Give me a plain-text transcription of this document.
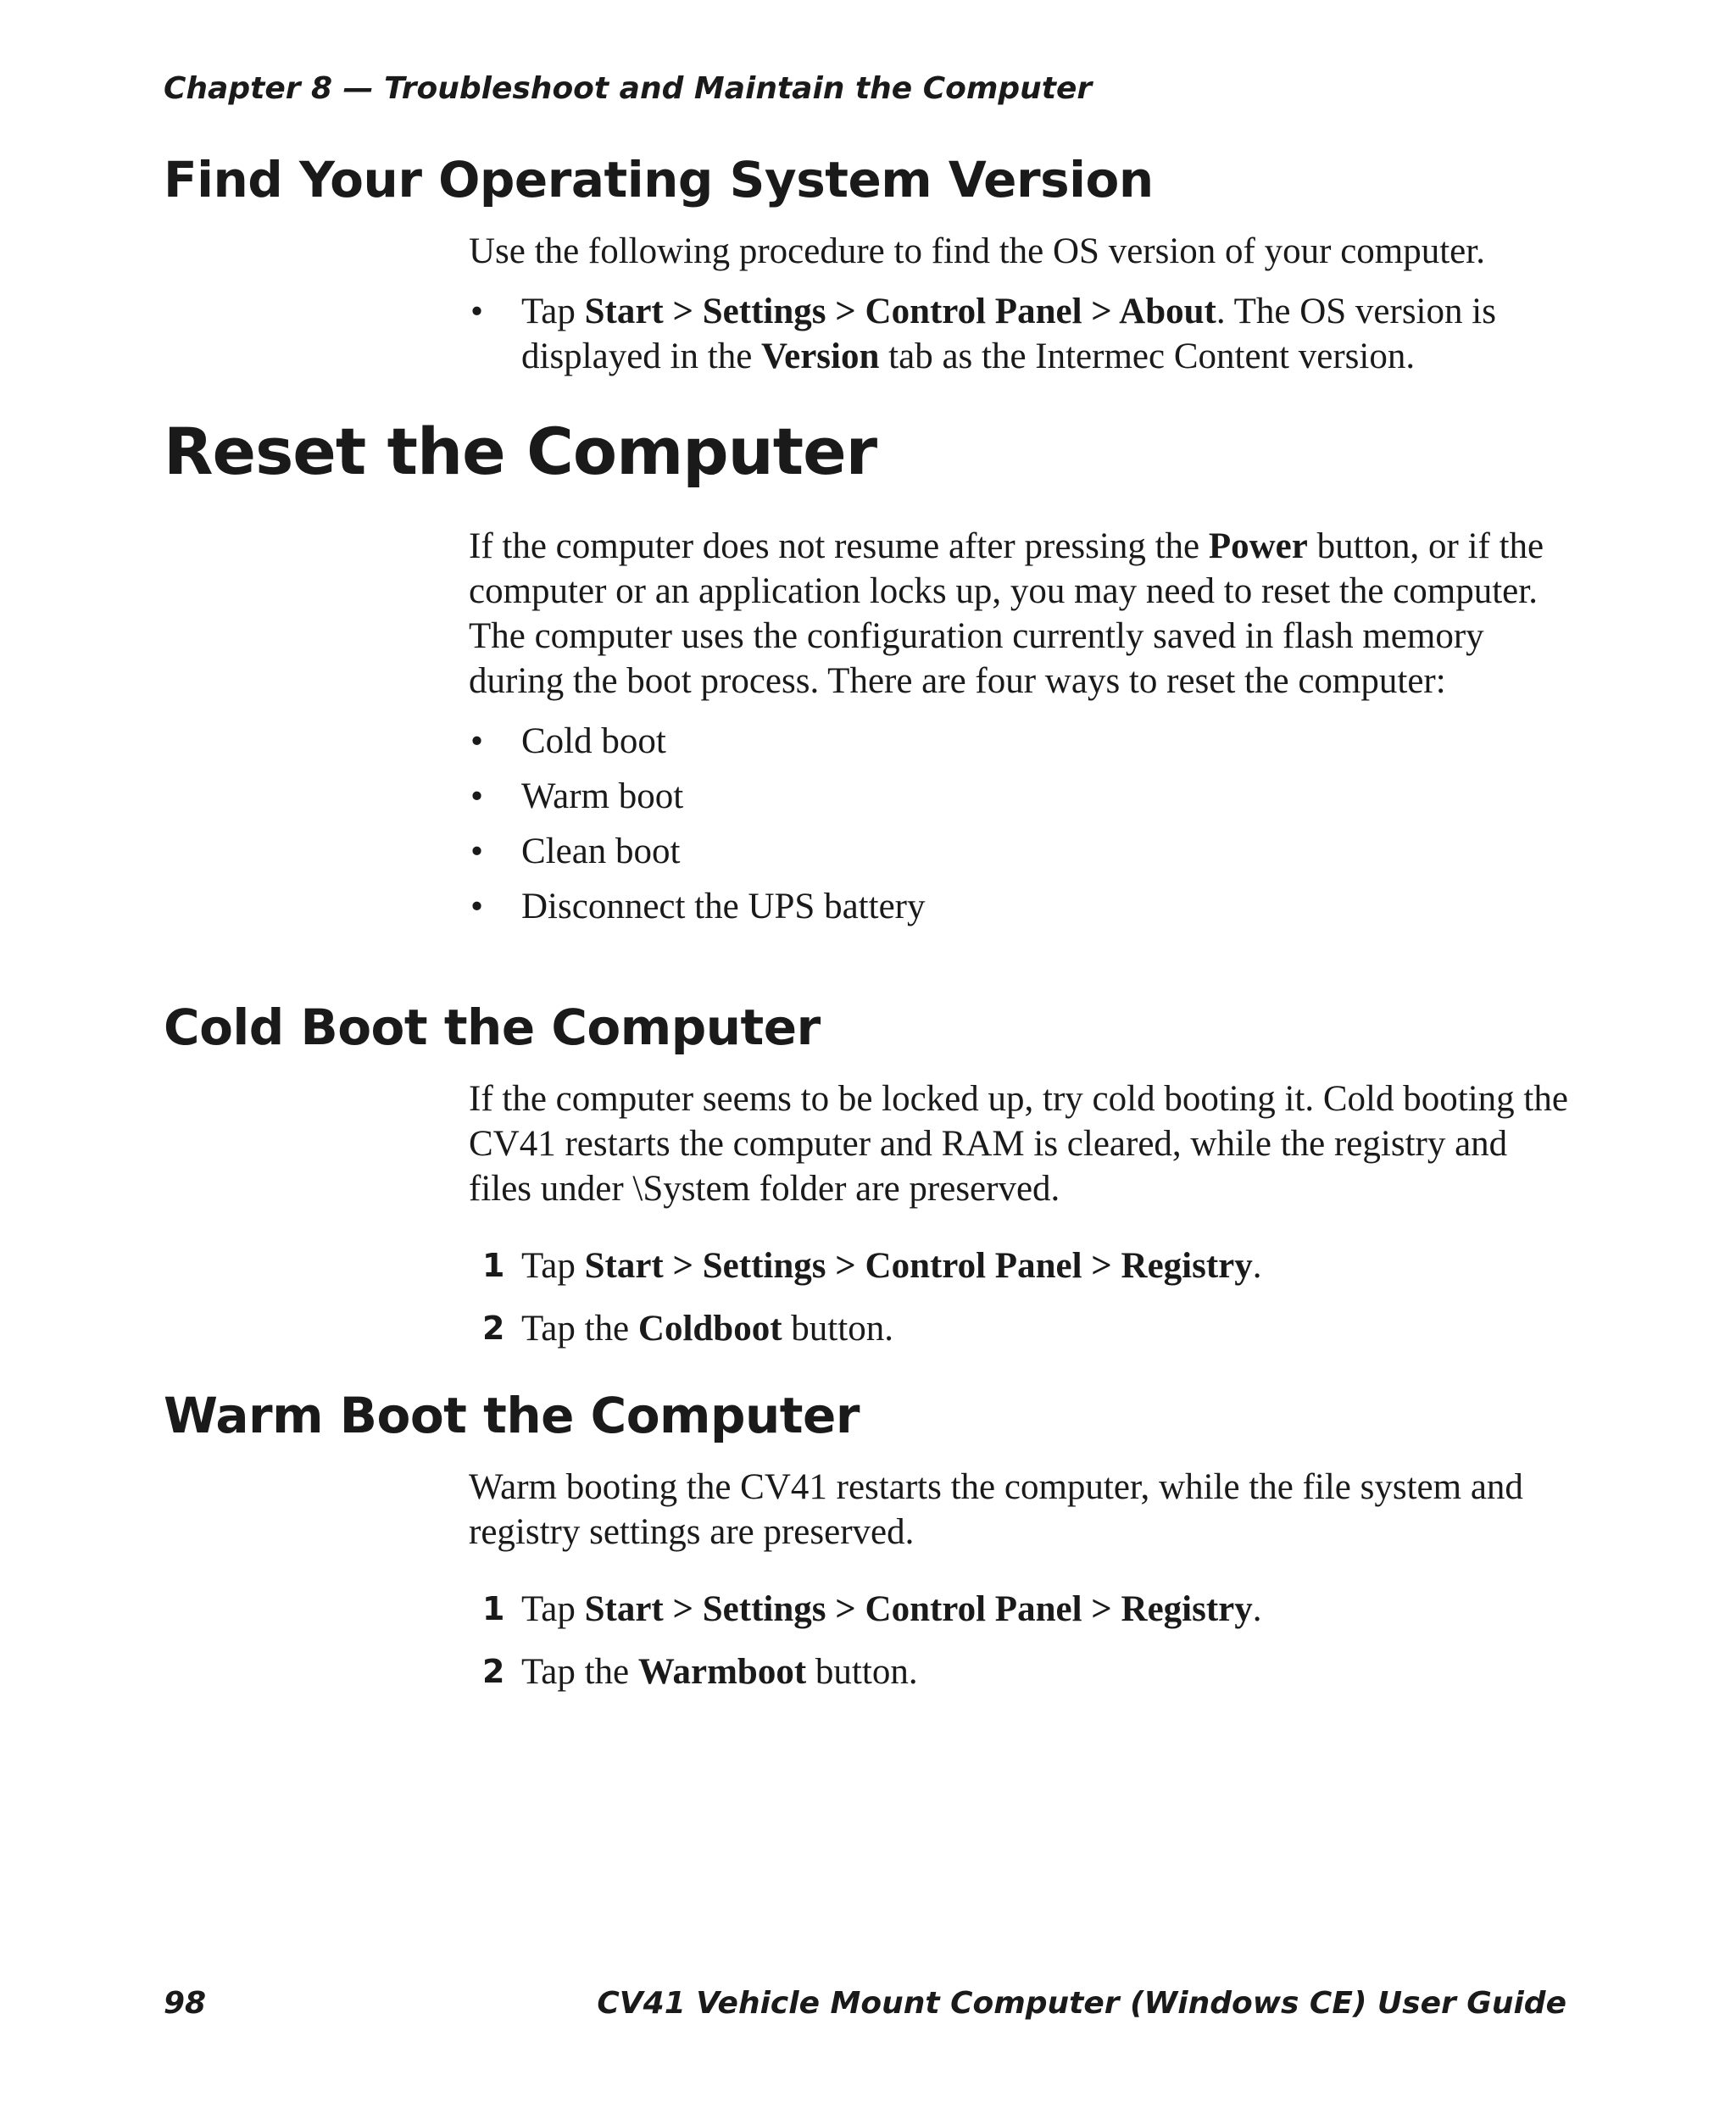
Chapter 8 — Troubleshoot and Maintain the Computer
Find Your Operating System Version

Use the following procedure to find the OS version of your computer.

• Tap Start > Settings > Control Panel > About. The OS version is displayed in the Version tab as the Intermec Content version.
Reset the Computer

If the computer does not resume after pressing the Power button, or if the computer or an application locks up, you may need to reset the computer. The computer uses the configuration currently saved in flash memory during the boot process. There are four ways to reset the computer:

• Cold boot
• Warm boot
• Clean boot
• Disconnect the UPS battery
Cold Boot the Computer

If the computer seems to be locked up, try cold booting it. Cold booting the CV41 restarts the computer and RAM is cleared, while the registry and files under \System folder are preserved.

1 Tap Start > Settings > Control Panel > Registry.
2 Tap the Coldboot button.
Warm Boot the Computer

Warm booting the CV41 restarts the computer, while the file system and registry settings are preserved.

1 Tap Start > Settings > Control Panel > Registry.
2 Tap the Warmboot button.
98	CV41 Vehicle Mount Computer (Windows CE) User Guide
